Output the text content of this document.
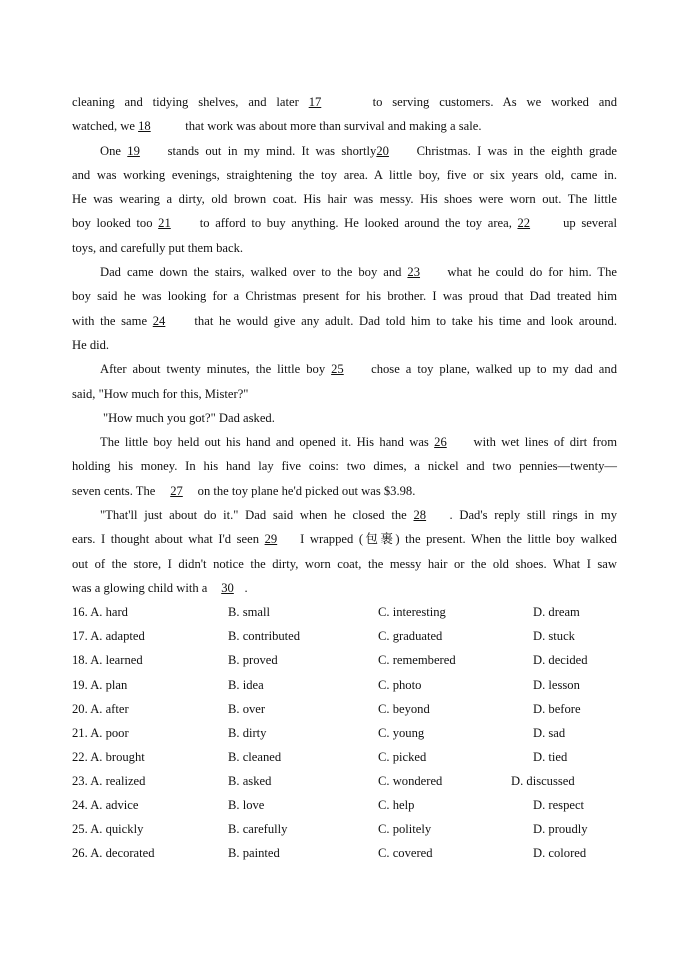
cleaning and tidying shelves, and later 17	to serving customers. As we worked and
watched, we 18 that work was about more than survival and making a sale.
One 19 stands out in my mind. It was shortly20 Christmas. I was in the eighth grade
and was working evenings, straightening the toy area. A little boy, five or six years old, came in.
He was wearing a dirty, old brown coat. His hair was messy. His shoes were worn out. The little
boy looked too 21 to afford to buy anything. He looked around the toy area, 22 up several
toys, and carefully put them back.
Dad came down the stairs, walked over to the boy and 23 what he could do for him. The
boy said he was looking for a Christmas present for his brother. I was proud that Dad treated him
with the same 24 that he would give any adult. Dad told him to take his time and look around.
He did.
After about twenty minutes, the little boy 25 chose a toy plane, walked up to my dad and
said, "How much for this, Mister?"
"How much you got?" Dad asked.
The little boy held out his hand and opened it. His hand was 26 with wet lines of dirt from
holding his money. In his hand lay five coins: two dimes, a nickel and two pennies—twenty—
seven cents. The 27 on the toy plane he'd picked out was $3.98.
"That'll just about do it." Dad said when he closed the 28 . Dad's reply still rings in my
ears. I thought about what I'd seen 29 I wrapped (包裹) the present. When the little boy walked
out of the store, I didn't notice the dirty, worn coat, the messy hair or the old shoes. What I saw
was a glowing child with a 30 .
16. A. hard	B. small	C. interesting	D. dream
17. A. adapted	B. contributed	C. graduated	D. stuck
18. A. learned	B. proved	C. remembered	D. decided
19. A. plan	B. idea	C. photo	D. lesson
20. A. after	B. over	C. beyond	D. before
21. A. poor	B. dirty	C. young	D. sad
22. A. brought	B. cleaned	C. picked	D. tied
23. A. realized	B. asked	C. wondered	D. discussed
24. A. advice	B. love	C. help	D. respect
25. A. quickly	B. carefully	C. politely	D. proudly
26. A. decorated	B. painted	C. covered	D. colored
